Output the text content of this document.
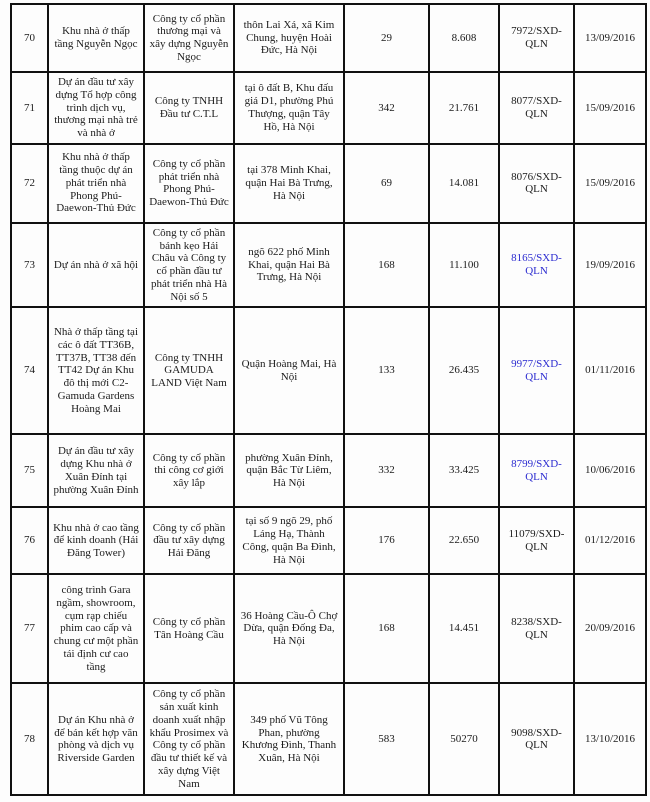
70	Khu nhà ở thấp tầng Nguyễn Ngọc	Công ty cổ phần thương mại và xây dựng Nguyễn Ngọc	thôn Lai Xá, xã Kim Chung, huyện Hoài Đức, Hà Nội	29	8.608	7972/SXD-QLN	13/09/2016
71	Dự án đầu tư xây dựng Tổ hợp công trình dịch vụ, thương mại nhà trẻ và nhà ở	Công ty TNHH Đầu tư C.T.L	tại ô đất B, Khu đấu giá D1, phường Phú Thượng, quận Tây Hồ, Hà Nội	342	21.761	8077/SXD-QLN	15/09/2016
72	Khu nhà ở thấp tầng thuộc dự án phát triển nhà Phong Phú-Daewon-Thủ Đức	Công ty cổ phần phát triển nhà Phong Phú-Daewon-Thủ Đức	tại 378 Minh Khai, quận Hai Bà Trưng, Hà Nội	69	14.081	8076/SXD-QLN	15/09/2016
73	Dự án nhà ở xã hội	Công ty cổ phần bánh kẹo Hải Châu và Công ty cổ phần đầu tư phát triển nhà Hà Nội số 5	ngõ 622 phố Minh Khai, quận Hai Bà Trưng, Hà Nội	168	11.100	8165/SXD-QLN	19/09/2016
74	Nhà ở thấp tầng tại các ô đất TT36B, TT37B, TT38 đến TT42 Dự án Khu đô thị mới C2-Gamuda Gardens Hoàng Mai	Công ty TNHH GAMUDA LAND Việt Nam	Quận Hoàng Mai, Hà Nội	133	26.435	9977/SXD-QLN	01/11/2016
75	Dự án đầu tư xây dựng Khu nhà ở Xuân Đỉnh tại phường Xuân Đỉnh	Công ty cổ phần thi công cơ giới xây lắp	phường Xuân Đỉnh, quận Bắc Từ Liêm, Hà Nội	332	33.425	8799/SXD-QLN	10/06/2016
76	Khu nhà ở cao tầng để kinh doanh (Hải Đăng Tower)	Công ty cổ phần đầu tư xây dựng Hải Đăng	tại số 9 ngõ 29, phố Láng Hạ, Thành Công, quận Ba Đình, Hà Nội	176	22.650	11079/SXD-QLN	01/12/2016
77	công trình Gara ngầm, showroom, cụm rạp chiếu phim cao cấp và chung cư một phần tái định cư cao tầng	Công ty cổ phần Tân Hoàng Cầu	36 Hoàng Cầu-Ô Chợ Dừa, quận Đống Đa, Hà Nội	168	14.451	8238/SXD-QLN	20/09/2016
78	Dự án Khu nhà ở để bán kết hợp văn phòng và dịch vụ Riverside Garden	Công ty cổ phần sản xuất kinh doanh xuất nhập khẩu Prosimex và Công ty cổ phần đầu tư thiết kế và xây dựng Việt Nam	349 phố Vũ Tông Phan, phường Khương Đình, Thanh Xuân, Hà Nội	583	50270	9098/SXD-QLN	13/10/2016
